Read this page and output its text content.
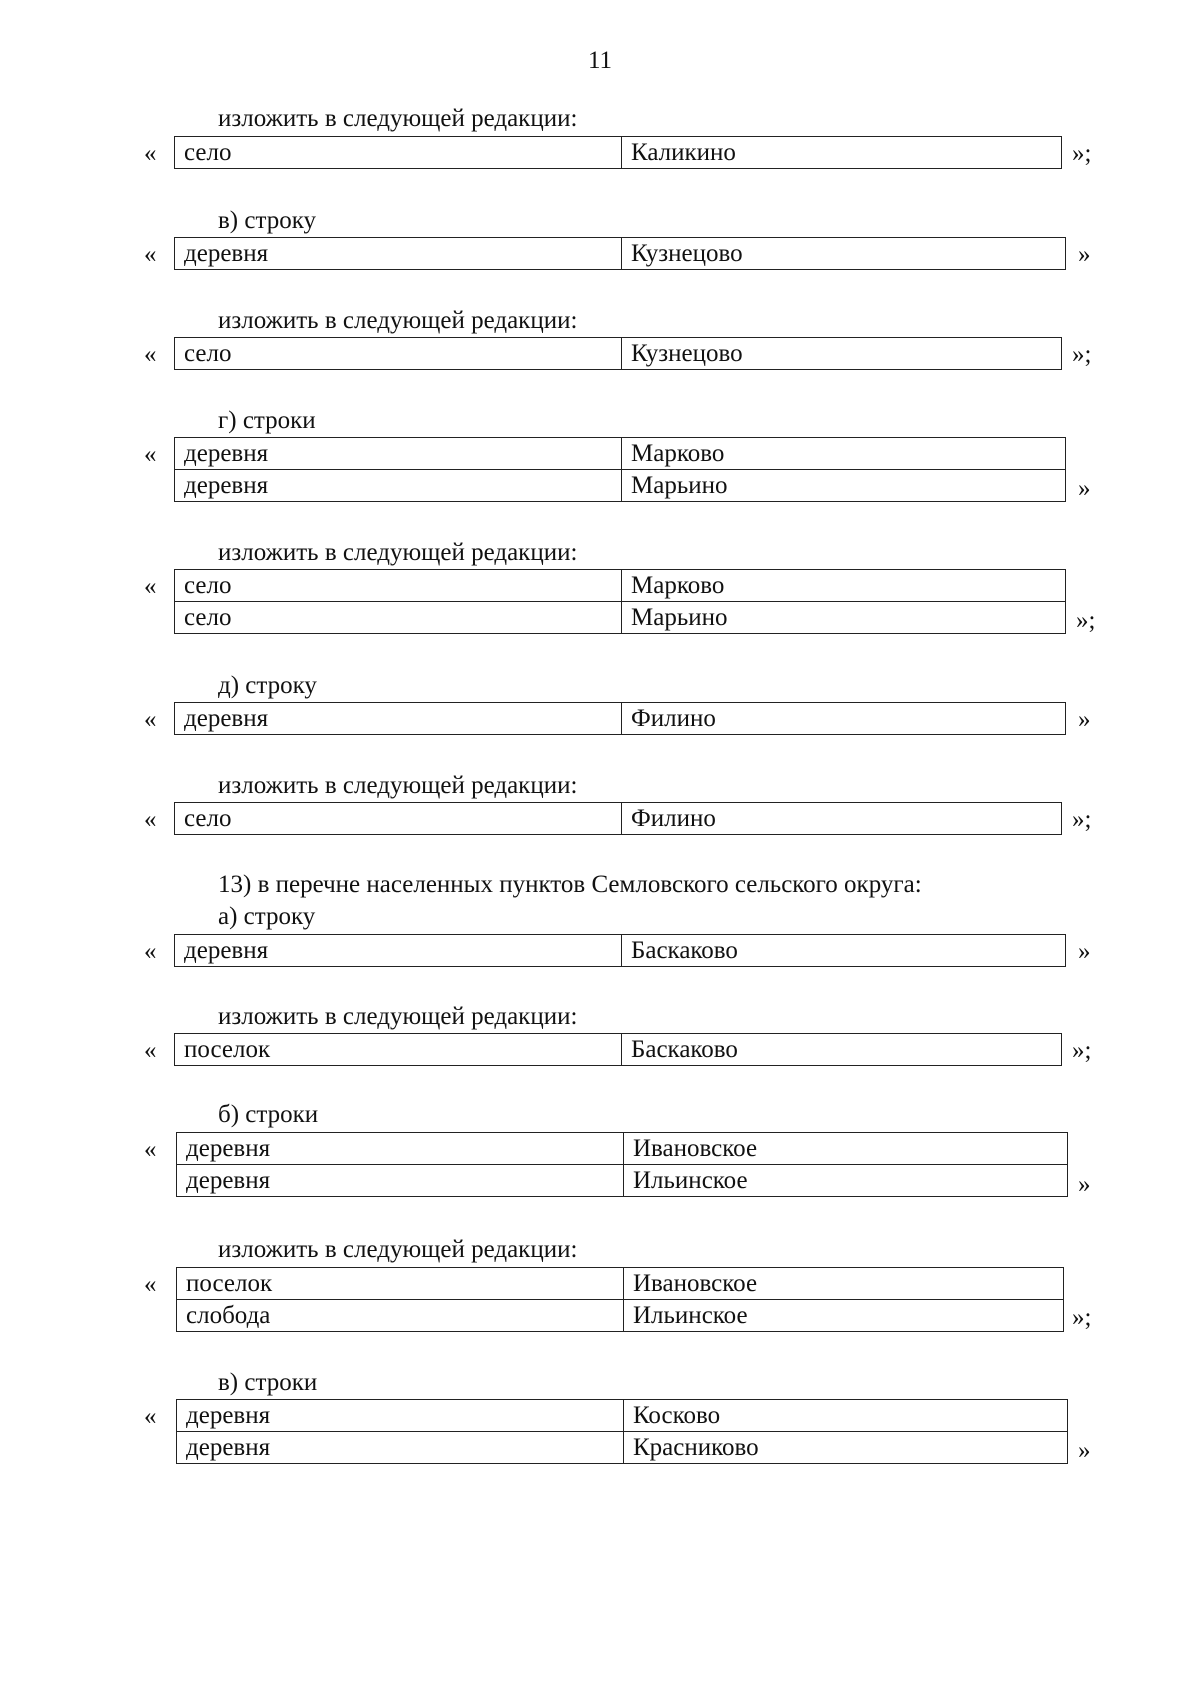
11
изложить в следующей редакции:
« село	Каликино	»;
в) строку
« деревня	Кузнецово	»
изложить в следующей редакции:
« село	Кузнецово	»;
г) строки
« деревня	Марково
деревня	Марьино	»
изложить в следующей редакции:
« село	Марково
село	Марьино	»;
д) строку
« деревня	Филино	»
изложить в следующей редакции:
« село	Филино	»;
13) в перечне населенных пунктов Семловского сельского округа:
а) строку
« деревня	Баскаково	»
изложить в следующей редакции:
« поселок	Баскаково	»;
б) строки
« деревня	Ивановское
деревня	Ильинское	»
изложить в следующей редакции:
« поселок	Ивановское
слобода	Ильинское	»;
в) строки
« деревня	Косково
деревня	Красниково	»
